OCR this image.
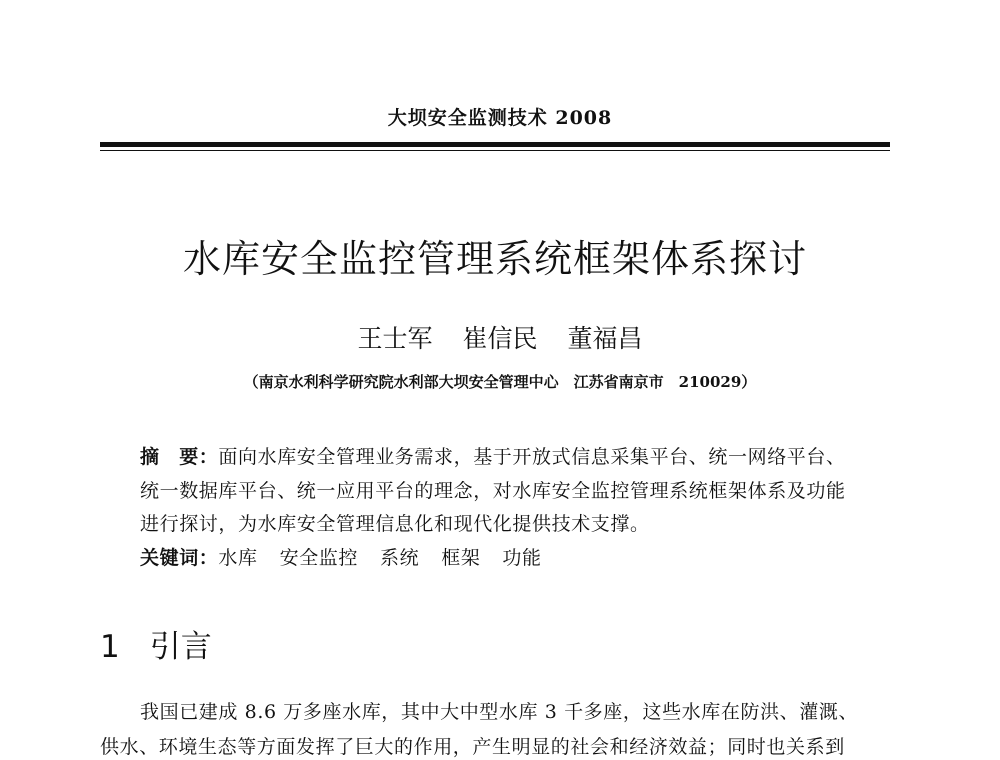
大坝安全监测技术 2008
水库安全监控管理系统框架体系探讨
王士军 崔信民 董福昌
（南京水利科学研究院水利部大坝安全管理中心　江苏省南京市　210029）
摘　要：面向水库安全管理业务需求，基于开放式信息采集平台、统一网络平台、
统一数据库平台、统一应用平台的理念，对水库安全监控管理系统框架体系及功能
进行探讨，为水库安全管理信息化和现代化提供技术支撑。
关键词：水库 安全监控 系统 框架 功能
1 引言
我国已建成 8.6 万多座水库，其中大中型水库 3 千多座，这些水库在防洪、灌溉、
供水、环境生态等方面发挥了巨大的作用，产生明显的社会和经济效益；同时也关系到
